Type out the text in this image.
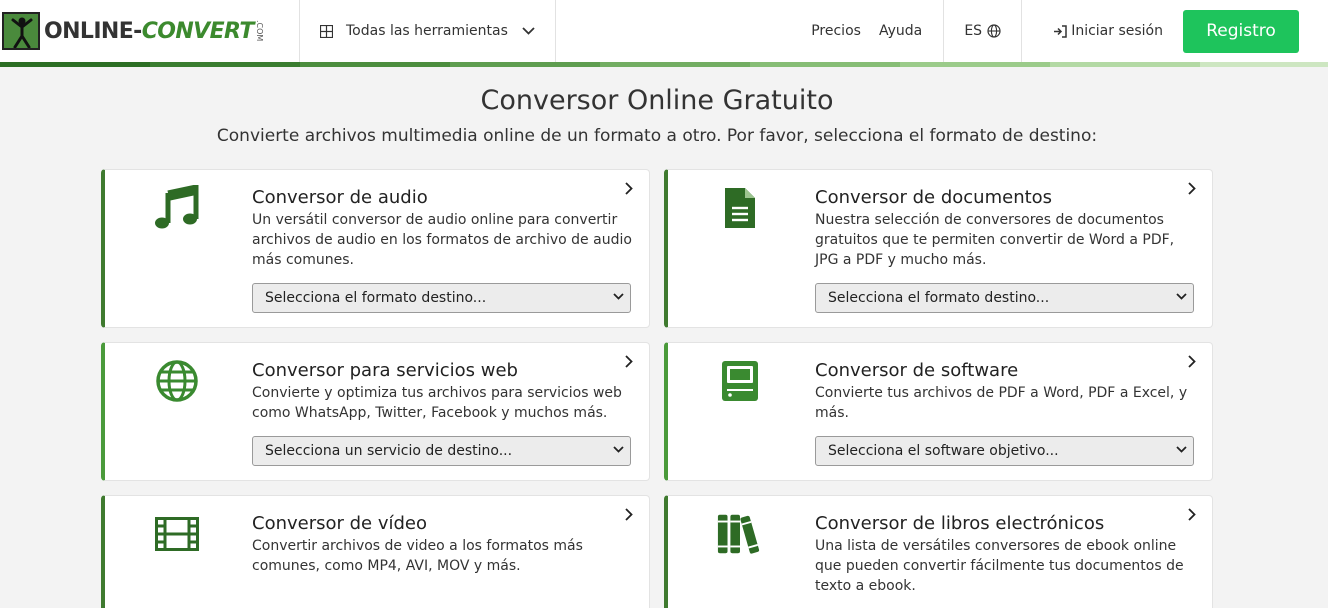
ONLINE-CONVERT .COM	Todas las herramientas	Precios Ayuda	ES	Iniciar sesión	Registro
Conversor Online Gratuito
Convierte archivos multimedia online de un formato a otro. Por favor, selecciona el formato de destino:
Conversor de audio

Un versátil conversor de audio online para convertir archivos de audio en los formatos de archivo de audio más comunes.

Selecciona el formato destino...
Conversor de documentos

Nuestra selección de conversores de documentos gratuitos que te permiten convertir de Word a PDF, JPG a PDF y mucho más.

Selecciona el formato destino...
Conversor para servicios web

Convierte y optimiza tus archivos para servicios web como WhatsApp, Twitter, Facebook y muchos más.

Selecciona un servicio de destino...
Conversor de software

Convierte tus archivos de PDF a Word, PDF a Excel, y más.

Selecciona el software objetivo...
Conversor de vídeo

Convertir archivos de video a los formatos más comunes, como MP4, AVI, MOV y más.

Conversor de libros electrónicos

Una lista de versátiles conversores de ebook online que pueden convertir fácilmente tus documentos de texto a ebook.
